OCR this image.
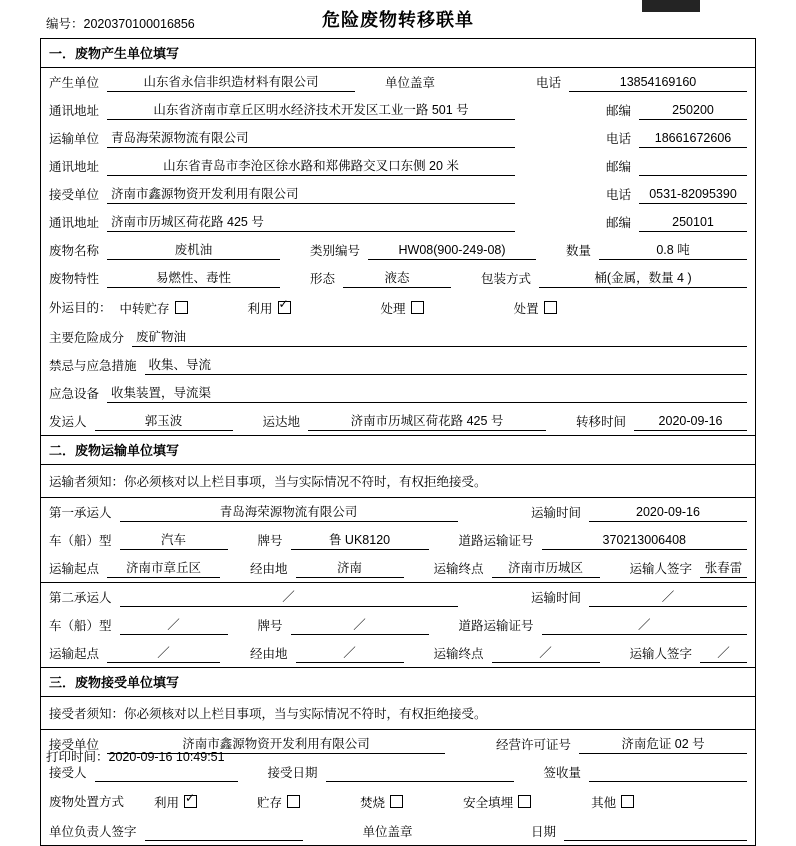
编号：2020370100016856	危险废物转移联单
一．废物产生单位填写
产生单位	山东省永信非织造材料有限公司	单位盖章	电话	13854169160
通讯地址	山东省济南市章丘区明水经济技术开发区工业一路 501 号	邮编	250200
运输单位 青岛海荣源物流有限公司	电话	18661672606
通讯地址	山东省青岛市李沧区徐水路和郑佛路交叉口东侧 20 米	邮编
接受单位 济南市鑫源物资开发利用有限公司	电话	0531-82095390
通讯地址 济南市历城区荷花路 425 号	邮编	250101
废物名称	废机油	类别编号	HW08(900-249-08)	数量	0.8 吨
废物特性	易燃性、毒性	形态	液态	包装方式	桶(金属，数量 4 )
外运目的： 中转贮存	利用 ✓	处理	处置
主要危险成分 废矿物油
禁忌与应急措施 收集、导流
应急设备 收集装置，导流渠
发运人	郭玉波	运达地	济南市历城区荷花路 425 号	转移时间	2020-09-16
二．废物运输单位填写
运输者须知：你必须核对以上栏目事项，当与实际情况不符时，有权拒绝接受。
第一承运人	青岛海荣源物流有限公司	运输时间	2020-09-16
车（船）型	汽车	牌号	鲁 UK8120	道路运输证号	370213006408
运输起点	济南市章丘区	经由地	济南	运输终点	济南市历城区	运输人签字	张春雷
第二承运人	／	运输时间	／
车（船）型	／	牌号	／	道路运输证号	／
运输起点	／	经由地	／	运输终点	／	运输人签字	／
三．废物接受单位填写
接受者须知：你必须核对以上栏目事项，当与实际情况不符时，有权拒绝接受。
接受单位	济南市鑫源物资开发利用有限公司	经营许可证号	济南危证 02 号
接受人	接受日期	签收量
废物处置方式 利用 ✓	贮存	焚烧	安全填埋	其他
单位负责人签字	单位盖章	日期
打印时间：2020-09-16 10:49:51
